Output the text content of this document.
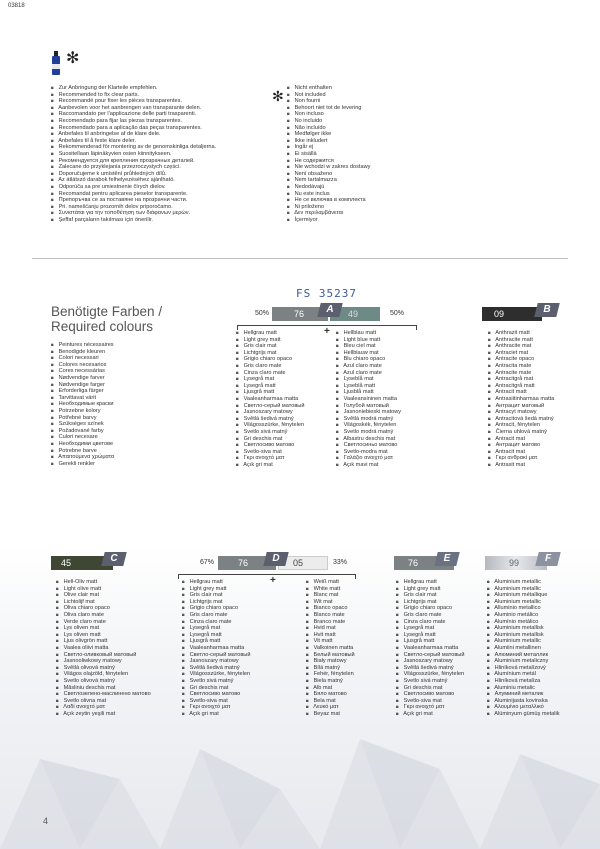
03818
✻
✻
◙ Zur Anbringung der Klarteile empfehlen.
◙ Recommended to fix clear parts.
◙ Recommandé pour fixer les pièces transparentes.
◙ Aanbevolen voor het aanbrengen van transparante delen.
◙ Raccomandato per l'applicazione delle parti trasparenti.
◙ Recomendado para fijar las piezas transparentes.
◙ Recomendado para a aplicação das peças transparentes.
◙ Anbefales til anbringelse af de klare dele.
◙ Anbefales til å feste klare deler.
◙ Rekommenderad för montering av de genomskinliga detaljerna.
◙ Suositellaan läpinäkyvien osien kiinnitykseen.
◙ Рекомендуется для крепления прозрачных деталей.
◙ Zalecane do przyklejania przezroczystych części.
◙ Doporučujeme k umístění průhledných dílů.
◙ Az átlátszó darabok felhelyezéséhez ajánlható.
◙ Odporúča sa pre umiestnenie čírych dielov.
◙ Recomandat pentru aplicarea pieselor transparente.
◙ Препоръчва се за поставяне на прозрачни части.
◙ Pri. namešćanju prozornih delov priporočamo.
◙ Συνιστάται για την τοποθέτηση των διάφανων μερών.
◙ Şeffaf parçaların takılması için önerilir.
◙ Nicht enthalten
◙ Not included
◙ Non fourni
◙ Behoort niet tot de levering
◙ Non incluso
◙ No incluido
◙ Não incluído
◙ Medfølger ikke
◙ Ikke inkludert
◙ Ingår ej
◙ Ei sisällä
◙ Не содержится
◙ Nie wchodzi w zakres dostawy
◙ Není obsaženo
◙ Nem tartalmazza
◙ Nedodávajú
◙ Nu este inclus
◙ Не се включва в комплекта
◙ Ni priloženo
◙ Δεν περιλαμβάνεται
◙ İçermiyor
Benötigte Farben /
Required colours
◙ Peintures nécessaires
◙ Benodigde kleuren
◙ Colori necessari
◙ Colores necesarios
◙ Cores necessárias
◙ Nødvendige farver
◙ Nødvendige farger
◙ Erforderliga färger
◙ Tarvittavat värit
◙ Необходимые краски
◙ Potrzebne kolory
◙ Potřebné barvy
◙ Szükséges színek
◙ Požadované farby
◙ Culori necesare
◙ Необходими цветове
◙ Potrebne barve
◙ Απαιτούμενα χρώματα
◙ Gerekli renkler
FS 35237
50%	76	49
A	50%
+
◙ Hellgrau matt
◙ Light grey matt
◙ Gris clair mat
◙ Lichtgrijs mat
◙ Grigio chiaro opaco
◙ Gris claro mate
◙ Cinza claro mate
◙ Lysegrå mat
◙ Lysegrå matt
◙ Ljusgrå matt
◙ Vaaleanharmaa matta
◙ Светло-серый матовый
◙ Jasnoszary matowy
◙ Světlá šedivá matný
◙ Világosszürke, fénytelen
◙ Svetlo sivá matný
◙ Gri deschis mat
◙ Светлосиво матово
◙ Svetlo-siva mat
◙ Γκρι ανοιχτό ματ
◙ Açık gri mat
◙ Hellblau matt
◙ Light blue matt
◙ Bleu ciel mat
◙ Hellblauw mat
◙ Blu chiaro opaco
◙ Azul claro mate
◙ Azul claro mate
◙ Lyseblå mat
◙ Lyseblå matt
◙ Ljusblå matt
◙ Vaaleansininen matta
◙ Голубой матовый
◙ Jasnoniebieski matowy
◙ Světlá modrá matný
◙ Világoskék, fénytelen
◙ Svetlo modrá matný
◙ Albastru deschis mat
◙ Светлосиньо матово
◙ Svetlo-modra mat
◙ Γαλάζιο ανοιχτό ματ
◙ Açık mavi mat
09	B
◙ Anthrazit matt
◙ Anthracite matt
◙ Anthracite mat
◙ Antraciet mat
◙ Antracite opaco
◙ Antracita mate
◙ Antracite mate
◙ Antracitgrå mat
◙ Antracitgrå matt
◙ Antracit matt
◙ Antrasiitinharmaa matta
◙ Антрацит матовый
◙ Antracyt matowy
◙ Antracitová šedá matný
◙ Antracit, fénytelen
◙ Čierna uhlová matný
◙ Antracit mat
◙ Антрацит матово
◙ Antracit mat
◙ Γκρι ανθρακί ματ
◙ Antrasit mat
45	C
◙ Hell-Oliv matt
◙ Light olive matt
◙ Olive clair mat
◙ Lichtolijf mat
◙ Oliva chiaro opaco
◙ Oliva claro mate
◙ Verde claro mate
◙ Lys oliven mat
◙ Lys oliven matt
◙ Ljus olivgrön matt
◙ Vaalea oliivi matta
◙ Светло-оливковый матовый
◙ Jasnooliwkowy matowy
◙ Světlá olivová matný
◙ Világos olajzöld, fénytelen
◙ Svetlo olivová matný
◙ Măsliniu deschis mat
◙ Светлозелено-маслинено матово
◙ Svetlo olivna mat
◙ Λαδί ανοιχτό ματ
◙ Açık zeytin yeşili mat
67%	76	05
D	33%
+
◙ Hellgrau matt
◙ Light grey matt
◙ Gris clair mat
◙ Lichtgrijs mat
◙ Grigio chiaro opaco
◙ Gris claro mate
◙ Cinza claro mate
◙ Lysegrå mat
◙ Lysegrå matt
◙ Ljusgrå matt
◙ Vaaleanharmaa matta
◙ Светло-серый матовый
◙ Jasnoszary matowy
◙ Světlá šedivá matný
◙ Világosszürke, fénytelen
◙ Svetlo sivá matný
◙ Gri deschis mat
◙ Светлосиво матово
◙ Svetlo-siva mat
◙ Γκρι ανοιχτό ματ
◙ Açık gri mat
◙ Weiß matt
◙ White matt
◙ Blanc mat
◙ Wit mat
◙ Bianco opaco
◙ Blanco mate
◙ Branco mate
◙ Hvid mat
◙ Hvit matt
◙ Vit matt
◙ Valkoinen matta
◙ Белый матовый
◙ Biały matowy
◙ Bílá matný
◙ Fehér, fénytelen
◙ Biela matný
◙ Alb mat
◙ Бяло матово
◙ Bela mat
◙ Λευκό ματ
◙ Beyaz mat
76	E
◙ Hellgrau matt
◙ Light grey matt
◙ Gris clair mat
◙ Lichtgrijs mat
◙ Grigio chiaro opaco
◙ Gris claro mate
◙ Cinza claro mate
◙ Lysegrå mat
◙ Lysegrå matt
◙ Ljusgrå matt
◙ Vaaleanharmaa matta
◙ Светло-серый матовый
◙ Jasnoszary matowy
◙ Světlá šedivá matný
◙ Világosszürke, fénytelen
◙ Svetlo sivá matný
◙ Gri deschis mat
◙ Светлосиво матово
◙ Svetlo-siva mat
◙ Γκρι ανοιχτό ματ
◙ Açık gri mat
99	F
◙ Aluminium metallic
◙ Aluminium metallic
◙ Aluminium métallique
◙ Aluminium metallic
◙ Alluminio metallico
◙ Aluminio metálico
◙ Alumínio metálico
◙ Aluminium metallisk
◙ Aluminium metallisk
◙ Aluminium metallic
◙ Alumiini metallinen
◙ Алюминий металлик
◙ Aluminium metaliczny
◙ Hliníková metalízový
◙ Alumínium metál
◙ Hliníková metalíza
◙ Aluminiu metalic
◙ Алуминий металик
◙ Aluminijasta kovinska
◙ Αλουμίνιο μεταλλικό
◙ Alüminyum gümüş metalik
4
